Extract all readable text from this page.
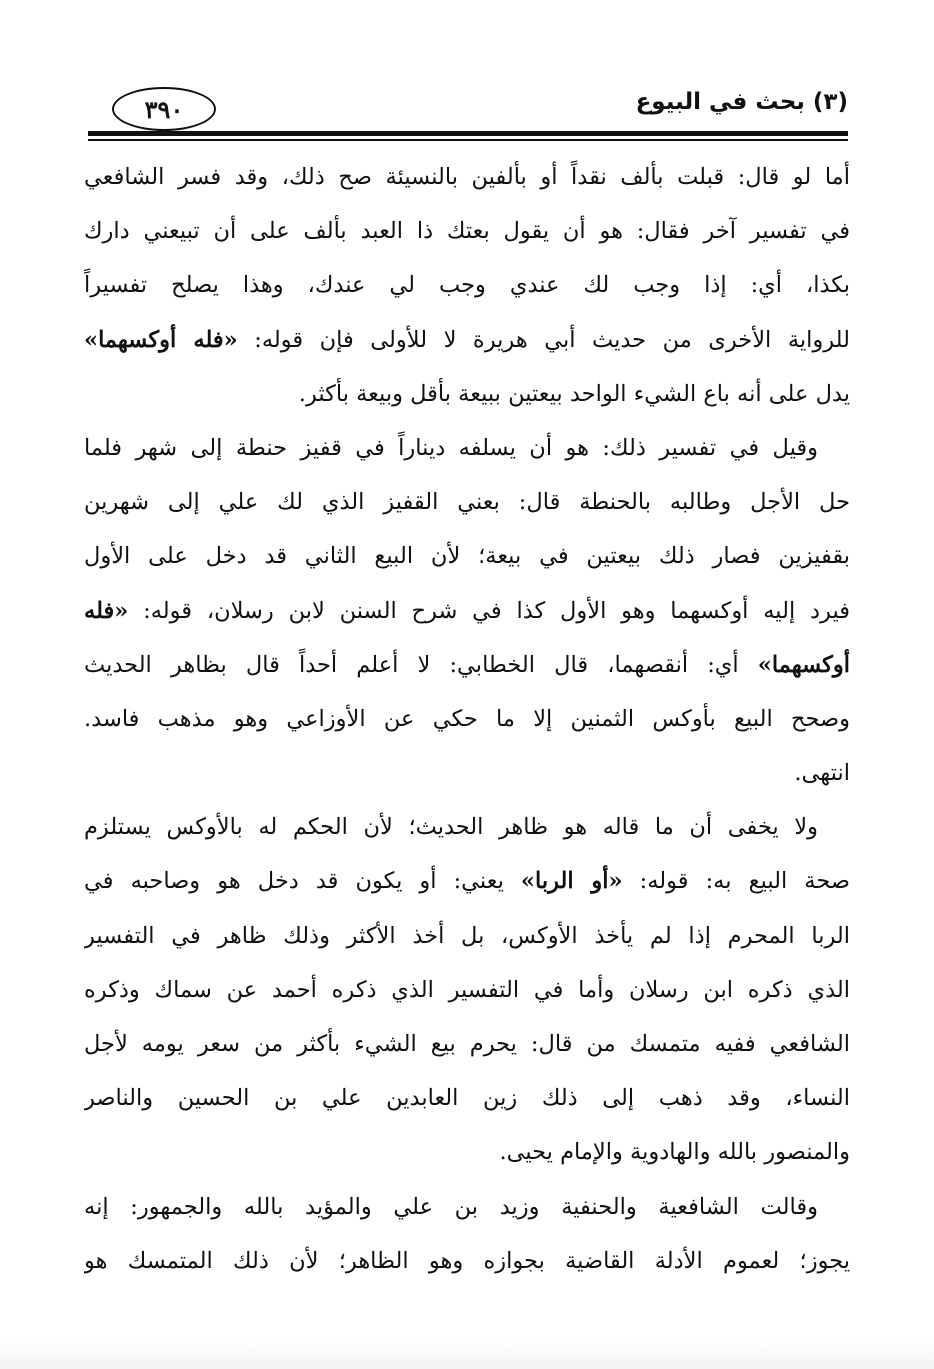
(٣) بحث في البيوع
٣٩٠
أما لو قال: قبلت بألف نقداً أو بألفين بالنسيئة صح ذلك، وقد فسر الشافعي
في تفسير آخر فقال: هو أن يقول بعتك ذا العبد بألف على أن تبيعني دارك
بكذا، أي: إذا وجب لك عندي وجب لي عندك، وهذا يصلح تفسيراً
للرواية الأخرى من حديث أبي هريرة لا للأولى فإن قوله: «فله أوكسهما»
يدل على أنه باع الشيء الواحد بيعتين ببيعة بأقل وبيعة بأكثر.
وقيل في تفسير ذلك: هو أن يسلفه ديناراً في قفيز حنطة إلى شهر فلما
حل الأجل وطالبه بالحنطة قال: بعني القفيز الذي لك علي إلى شهرين
بقفيزين فصار ذلك بيعتين في بيعة؛ لأن البيع الثاني قد دخل على الأول
فيرد إليه أوكسهما وهو الأول كذا في شرح السنن لابن رسلان، قوله: «فله
أوكسهما» أي: أنقصهما، قال الخطابي: لا أعلم أحداً قال بظاهر الحديث
وصحح البيع بأوكس الثمنين إلا ما حكي عن الأوزاعي وهو مذهب فاسد.
انتهى.
ولا يخفى أن ما قاله هو ظاهر الحديث؛ لأن الحكم له بالأوكس يستلزم
صحة البيع به: قوله: «أو الربا» يعني: أو يكون قد دخل هو وصاحبه في
الربا المحرم إذا لم يأخذ الأوكس، بل أخذ الأكثر وذلك ظاهر في التفسير
الذي ذكره ابن رسلان وأما في التفسير الذي ذكره أحمد عن سماك وذكره
الشافعي ففيه متمسك من قال: يحرم بيع الشيء بأكثر من سعر يومه لأجل
النساء، وقد ذهب إلى ذلك زين العابدين علي بن الحسين والناصر
والمنصور بالله والهادوية والإمام يحيى.
وقالت الشافعية والحنفية وزيد بن علي والمؤيد بالله والجمهور: إنه
يجوز؛ لعموم الأدلة القاضية بجوازه وهو الظاهر؛ لأن ذلك المتمسك هو
